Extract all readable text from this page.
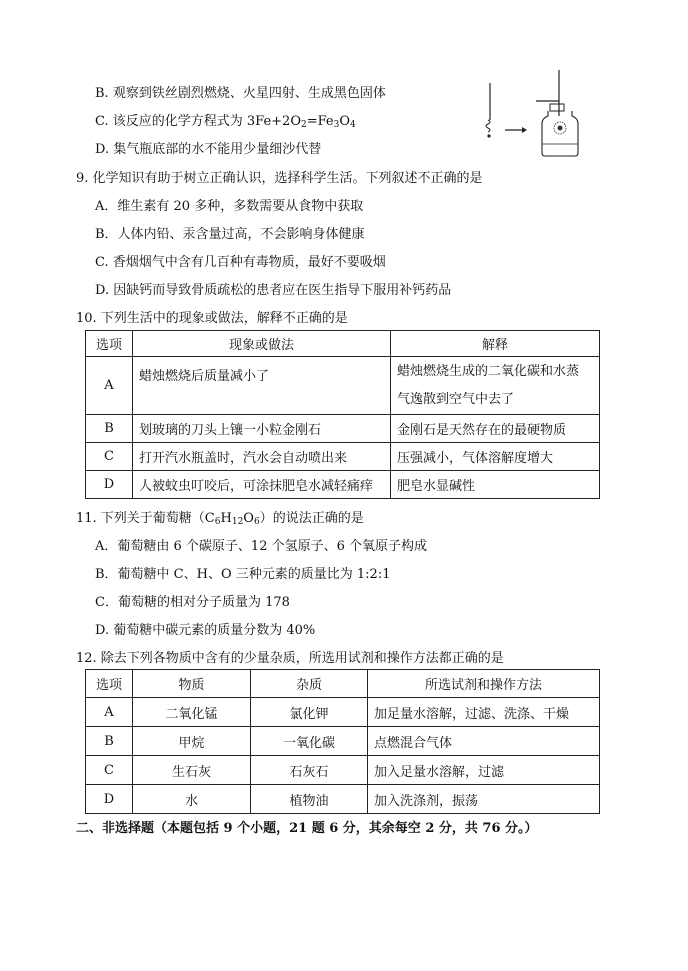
B. 观察到铁丝剧烈燃烧、火星四射、生成黑色固体
C. 该反应的化学方程式为 $3Fe+2O_2=Fe_3O_4$
D. 集气瓶底部的水不能用少量细沙代替
9. 化学知识有助于树立正确认识，选择科学生活。下列叙述不正确的是
A．维生素有 20 多种，多数需要从食物中获取
B．人体内铅、汞含量过高，不会影响身体健康
C. 香烟烟气中含有几百种有毒物质，最好不要吸烟
D. 因缺钙而导致骨质疏松的患者应在医生指导下服用补钙药品
10. 下列生活中的现象或做法，解释不正确的是
选项	现象或做法	解释
A	蜡烛燃烧后质量减小了	蜡烛燃烧生成的二氧化碳和水蒸
气逸散到空气中去了

B	划玻璃的刀头上镶一小粒金刚石	金刚石是天然存在的最硬物质
C	打开汽水瓶盖时，汽水会自动喷出来	压强减小，气体溶解度增大
D	人被蚊虫叮咬后，可涂抹肥皂水减轻痛痒	肥皂水显碱性
11. 下列关于葡萄糖$(C_6H_{12}O_6)$的说法正确的是
A．葡萄糖由 6 个碳原子、12 个氢原子、6 个氧原子构成
B．葡萄糖中 C、H、O 三种元素的质量比为 1:2:1
C．葡萄糖的相对分子质量为 178
D. 葡萄糖中碳元素的质量分数为 40%
12. 除去下列各物质中含有的少量杂质，所选用试剂和操作方法都正确的是
选项	物质	杂质	所选试剂和操作方法
A	二氧化锰	氯化钾	加足量水溶解，过滤、洗涤、干燥
B	甲烷	一氧化碳	点燃混合气体
C	生石灰	石灰石	加入足量水溶解，过滤
D	水	植物油	加入洗涤剂，振荡
二、非选择题（本题包括 9 个小题，21 题 6 分，其余每空 2 分，共 76 分。）
